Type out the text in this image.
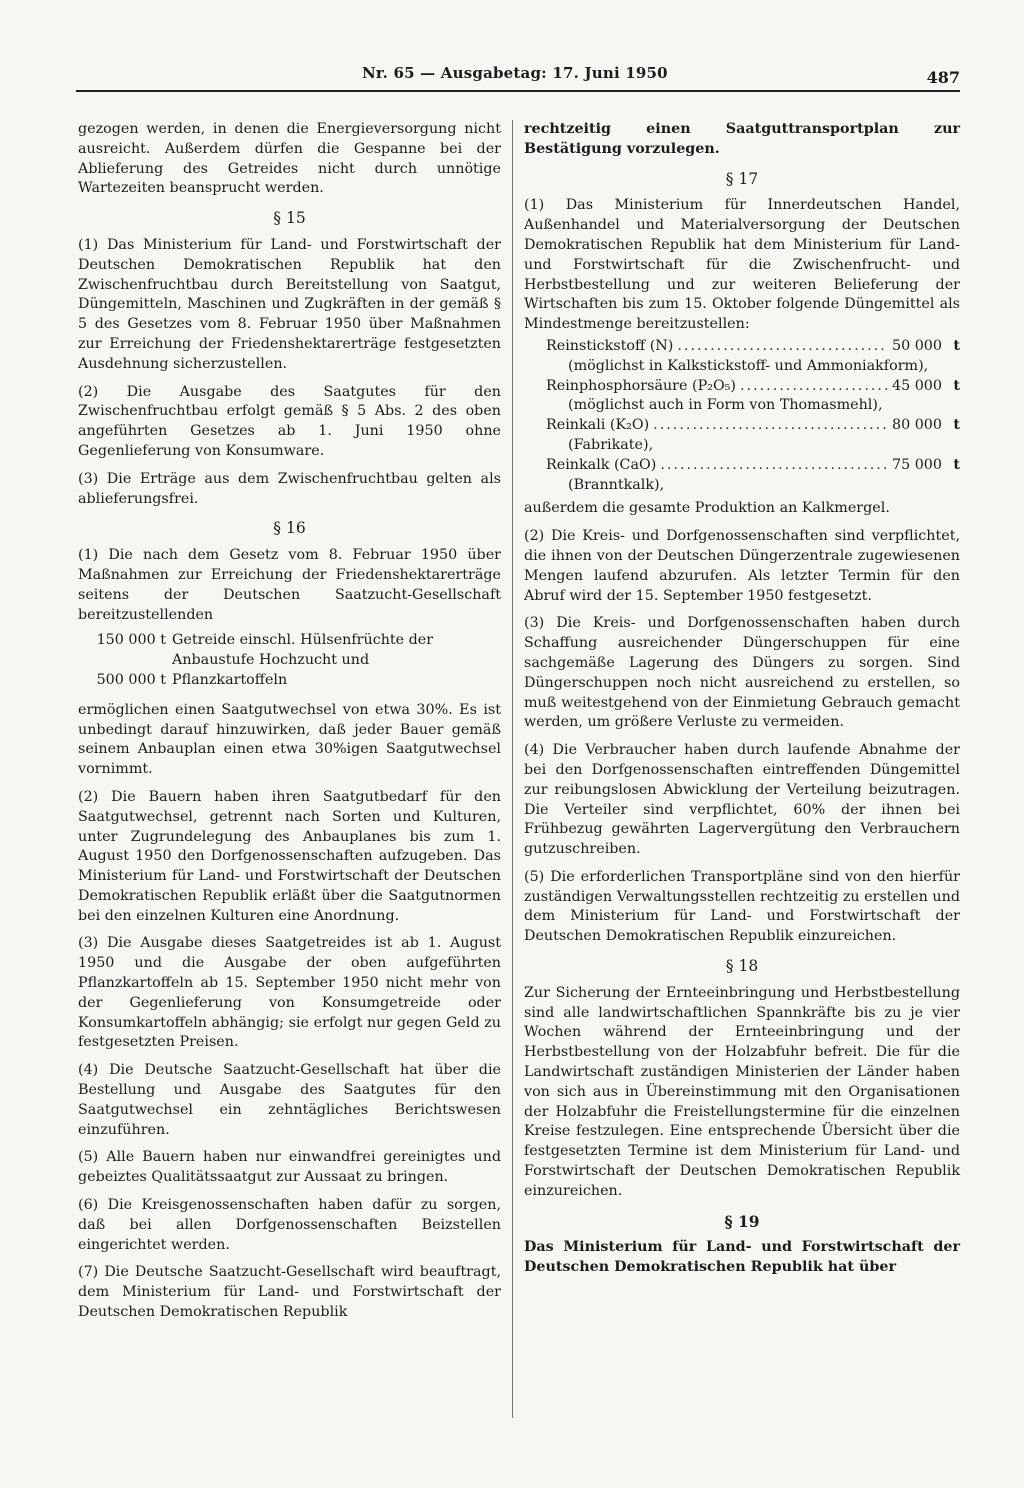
Nr. 65 — Ausgabetag: 17. Juni 1950	487

gezogen werden, in denen die Energieversorgung nicht ausreicht. Außerdem dürfen die Gespanne bei der Ablieferung des Getreides nicht durch unnötige Wartezeiten beansprucht werden.

§ 15

(1) Das Ministerium für Land- und Forstwirtschaft der Deutschen Demokratischen Republik hat den Zwischenfruchtbau durch Bereitstellung von Saatgut, Düngemitteln, Maschinen und Zugkräften in der gemäß § 5 des Gesetzes vom 8. Februar 1950 über Maßnahmen zur Erreichung der Friedenshektarerträge festgesetzten Ausdehnung sicherzustellen.

(2) Die Ausgabe des Saatgutes für den Zwischenfruchtbau erfolgt gemäß § 5 Abs. 2 des oben angeführten Gesetzes ab 1. Juni 1950 ohne Gegenlieferung von Konsumware.

(3) Die Erträge aus dem Zwischenfruchtbau gelten als ablieferungsfrei.

§ 16

(1) Die nach dem Gesetz vom 8. Februar 1950 über Maßnahmen zur Erreichung der Friedenshektarerträge seitens der Deutschen Saatzucht-Gesellschaft bereitzustellenden

150 000 t Getreide einschl. Hülsenfrüchte der Anbaustufe Hochzucht und
500 000 t Pflanzkartoffeln

ermöglichen einen Saatgutwechsel von etwa 30%. Es ist unbedingt darauf hinzuwirken, daß jeder Bauer gemäß seinem Anbauplan einen etwa 30%igen Saatgutwechsel vornimmt.

(2) Die Bauern haben ihren Saatgutbedarf für den Saatgutwechsel, getrennt nach Sorten und Kulturen, unter Zugrundelegung des Anbauplanes bis zum 1. August 1950 den Dorfgenossenschaften aufzugeben. Das Ministerium für Land- und Forstwirtschaft der Deutschen Demokratischen Republik erläßt über die Saatgutnormen bei den einzelnen Kulturen eine Anordnung.

(3) Die Ausgabe dieses Saatgetreides ist ab 1. August 1950 und die Ausgabe der oben aufgeführten Pflanzkartoffeln ab 15. September 1950 nicht mehr von der Gegenlieferung von Konsumgetreide oder Konsumkartoffeln abhängig; sie erfolgt nur gegen Geld zu festgesetzten Preisen.

(4) Die Deutsche Saatzucht-Gesellschaft hat über die Bestellung und Ausgabe des Saatgutes für den Saatgutwechsel ein zehntägliches Berichtswesen einzuführen.

(5) Alle Bauern haben nur einwandfrei gereinigtes und gebeiztes Qualitätssaatgut zur Aussaat zu bringen.

(6) Die Kreisgenossenschaften haben dafür zu sorgen, daß bei allen Dorfgenossenschaften Beizstellen eingerichtet werden.

(7) Die Deutsche Saatzucht-Gesellschaft wird beauftragt, dem Ministerium für Land- und Forstwirtschaft der Deutschen Demokratischen Republik

rechtzeitig einen Saatguttransportplan zur Bestätigung vorzulegen.

§ 17

(1) Das Ministerium für Innerdeutschen Handel, Außenhandel und Materialversorgung der Deutschen Demokratischen Republik hat dem Ministerium für Land- und Forstwirtschaft für die Zwischenfrucht- und Herbstbestellung und zur weiteren Belieferung der Wirtschaften bis zum 15. Oktober folgende Düngemittel als Mindestmenge bereitzustellen:

Reinstickstoff (N) .....	50 000 t
(möglichst in Kalkstickstoff- und Ammoniakform),
Reinphosphorsäure (P₂O₅) .....	45 000 t
(möglichst auch in Form von Thomasmehl),
Reinkali (K₂O) .....	80 000 t
(Fabrikate),
Reinkalk (CaO) .....	75 000 t
(Branntkalk),

außerdem die gesamte Produktion an Kalkmergel.

(2) Die Kreis- und Dorfgenossenschaften sind verpflichtet, die ihnen von der Deutschen Düngerzentrale zugewiesenen Mengen laufend abzurufen. Als letzter Termin für den Abruf wird der 15. September 1950 festgesetzt.

(3) Die Kreis- und Dorfgenossenschaften haben durch Schaffung ausreichender Düngerschuppen für eine sachgemäße Lagerung des Düngers zu sorgen. Sind Düngerschuppen noch nicht ausreichend zu erstellen, so muß weitestgehend von der Einmietung Gebrauch gemacht werden, um größere Verluste zu vermeiden.

(4) Die Verbraucher haben durch laufende Abnahme der bei den Dorfgenossenschaften eintreffenden Düngemittel zur reibungslosen Abwicklung der Verteilung beizutragen. Die Verteiler sind verpflichtet, 60% der ihnen bei Frühbezug gewährten Lagervergütung den Verbrauchern gutzuschreiben.

(5) Die erforderlichen Transportpläne sind von den hierfür zuständigen Verwaltungsstellen rechtzeitig zu erstellen und dem Ministerium für Land- und Forstwirtschaft der Deutschen Demokratischen Republik einzureichen.

§ 18

Zur Sicherung der Ernteeinbringung und Herbstbestellung sind alle landwirtschaftlichen Spannkräfte bis zu je vier Wochen während der Ernteeinbringung und der Herbstbestellung von der Holzabfuhr befreit. Die für die Landwirtschaft zuständigen Ministerien der Länder haben von sich aus in Übereinstimmung mit den Organisationen der Holzabfuhr die Freistellungstermine für die einzelnen Kreise festzulegen. Eine entsprechende Übersicht über die festgesetzten Termine ist dem Ministerium für Land- und Forstwirtschaft der Deutschen Demokratischen Republik einzureichen.

§ 19

Das Ministerium für Land- und Forstwirtschaft der Deutschen Demokratischen Republik hat über
